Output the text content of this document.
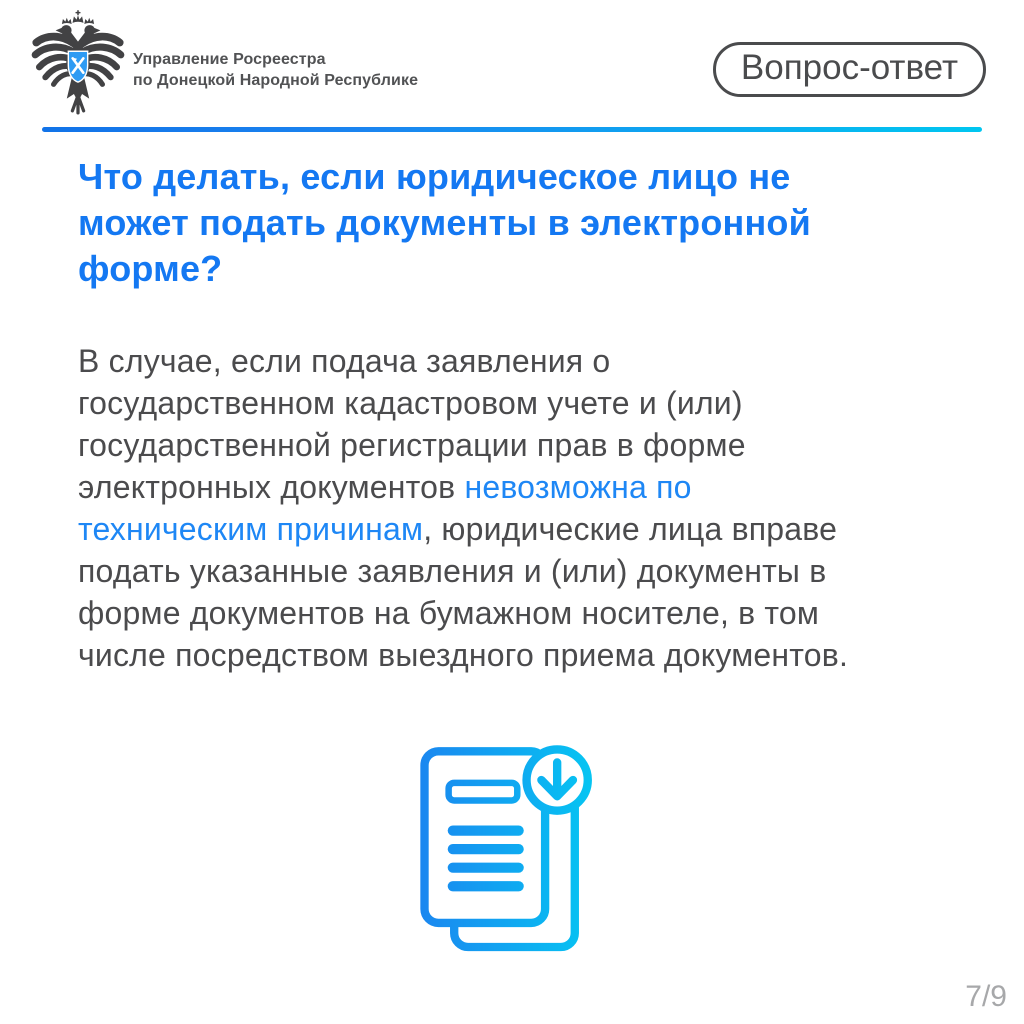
Управление Росреестра
по Донецкой Народной Республике	Вопрос-ответ
Что делать, если юридическое лицо не
может подать документы в электронной
форме?

В случае, если подача заявления о
государственном кадастровом учете и (или)
государственной регистрации прав в форме
электронных документов невозможна по
техническим причинам, юридические лица вправе
подать указанные заявления и (или) документы в
форме документов на бумажном носителе, в том
числе посредством выездного приема документов.

7/9
